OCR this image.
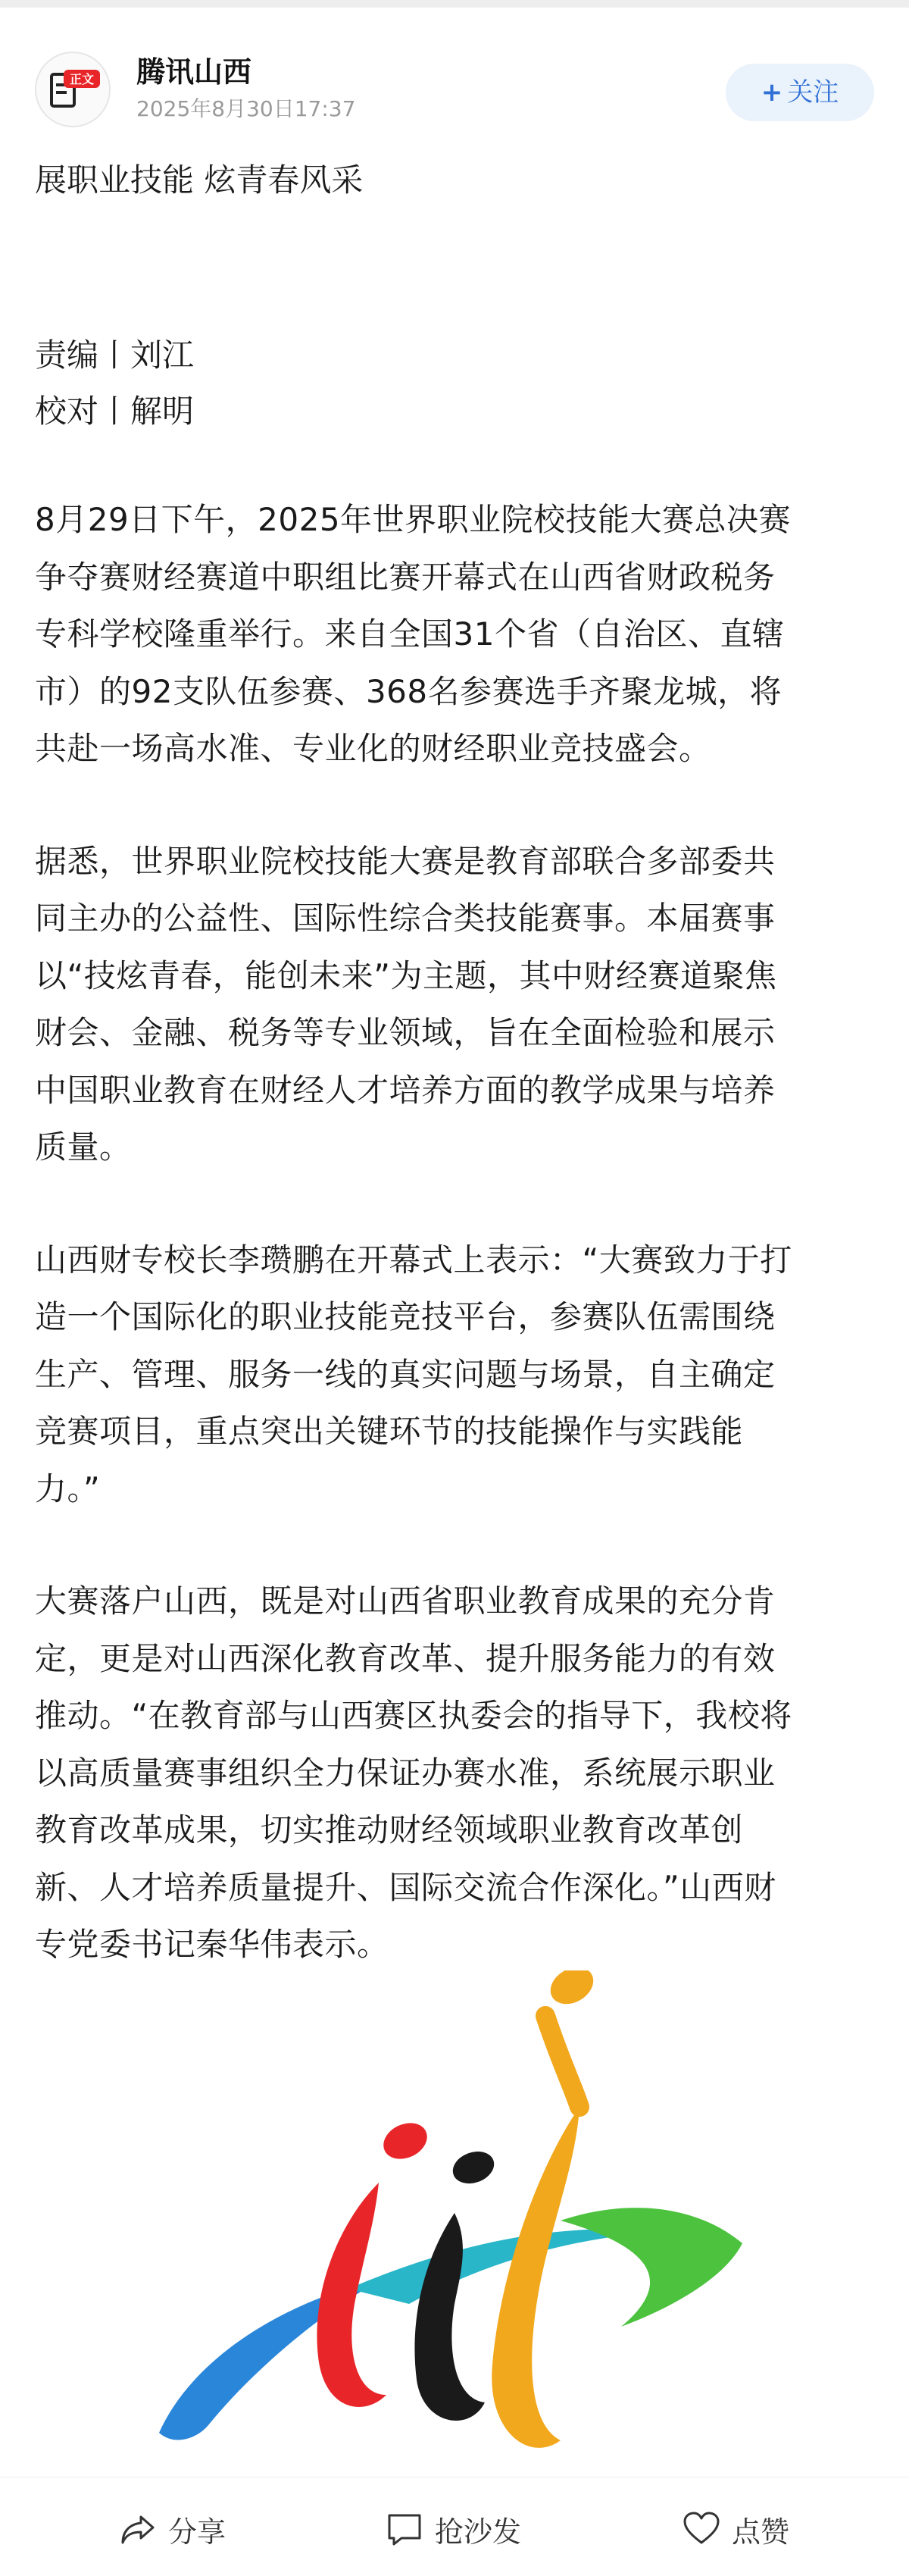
正文 腾讯山西
2025年8月30日17:37
+ 关注
展职业技能 炫青春风采
责编丨刘江
校对丨解明
8月29日下午，2025年世界职业院校技能大赛总决赛
争夺赛财经赛道中职组比赛开幕式在山西省财政税务
专科学校隆重举行。来自全国31个省（自治区、直辖
市）的92支队伍参赛、368名参赛选手齐聚龙城，将
共赴一场高水准、专业化的财经职业竞技盛会。
据悉，世界职业院校技能大赛是教育部联合多部委共
同主办的公益性、国际性综合类技能赛事。本届赛事
以“技炫青春，能创未来”为主题，其中财经赛道聚焦
财会、金融、税务等专业领域，旨在全面检验和展示
中国职业教育在财经人才培养方面的教学成果与培养
质量。
山西财专校长李瓒鹏在开幕式上表示：“大赛致力于打
造一个国际化的职业技能竞技平台，参赛队伍需围绕
生产、管理、服务一线的真实问题与场景，自主确定
竞赛项目，重点突出关键环节的技能操作与实践能
力。”
大赛落户山西，既是对山西省职业教育成果的充分肯
定，更是对山西深化教育改革、提升服务能力的有效
推动。“在教育部与山西赛区执委会的指导下，我校将
以高质量赛事组织全力保证办赛水准，系统展示职业
教育改革成果，切实推动财经领域职业教育改革创
新、人才培养质量提升、国际交流合作深化。”山西财
专党委书记秦华伟表示。
分享	抢沙发	点赞
